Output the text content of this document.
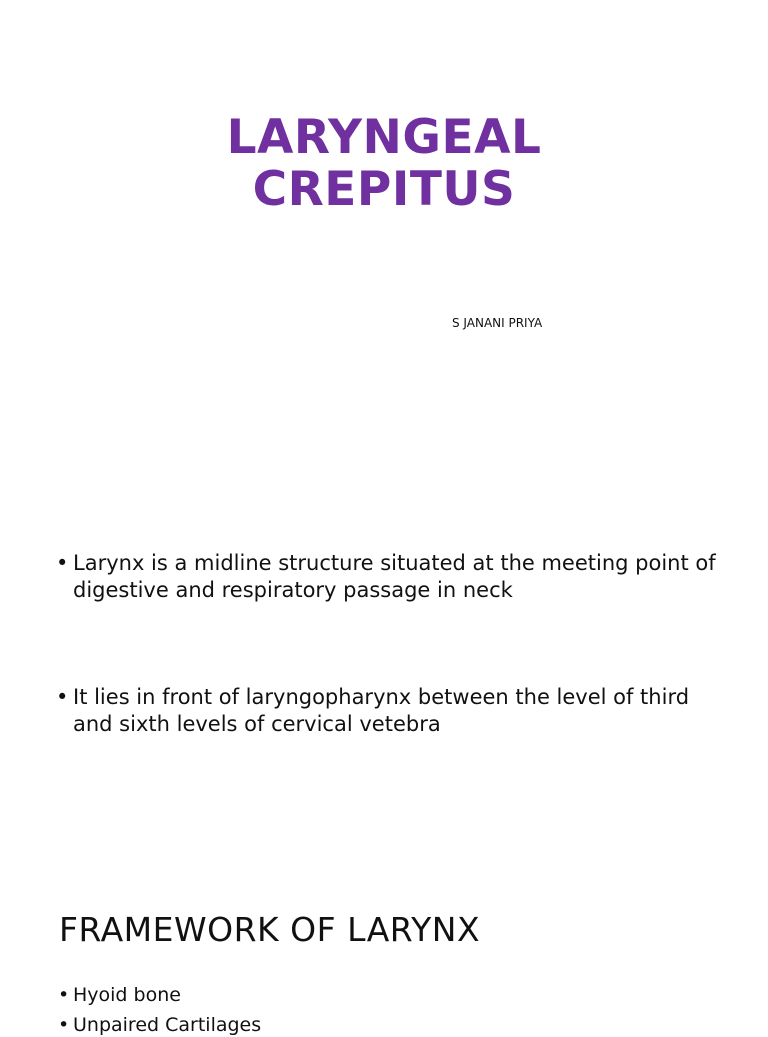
LARYNGEAL
CREPITUS
S JANANI PRIYA
• Larynx is a midline structure situated at the meeting point of digestive and respiratory passage in neck
• It lies in front of laryngopharynx between the level of third and sixth levels of cervical vetebra
FRAMEWORK OF LARYNX
• Hyoid bone
• Unpaired Cartilages
